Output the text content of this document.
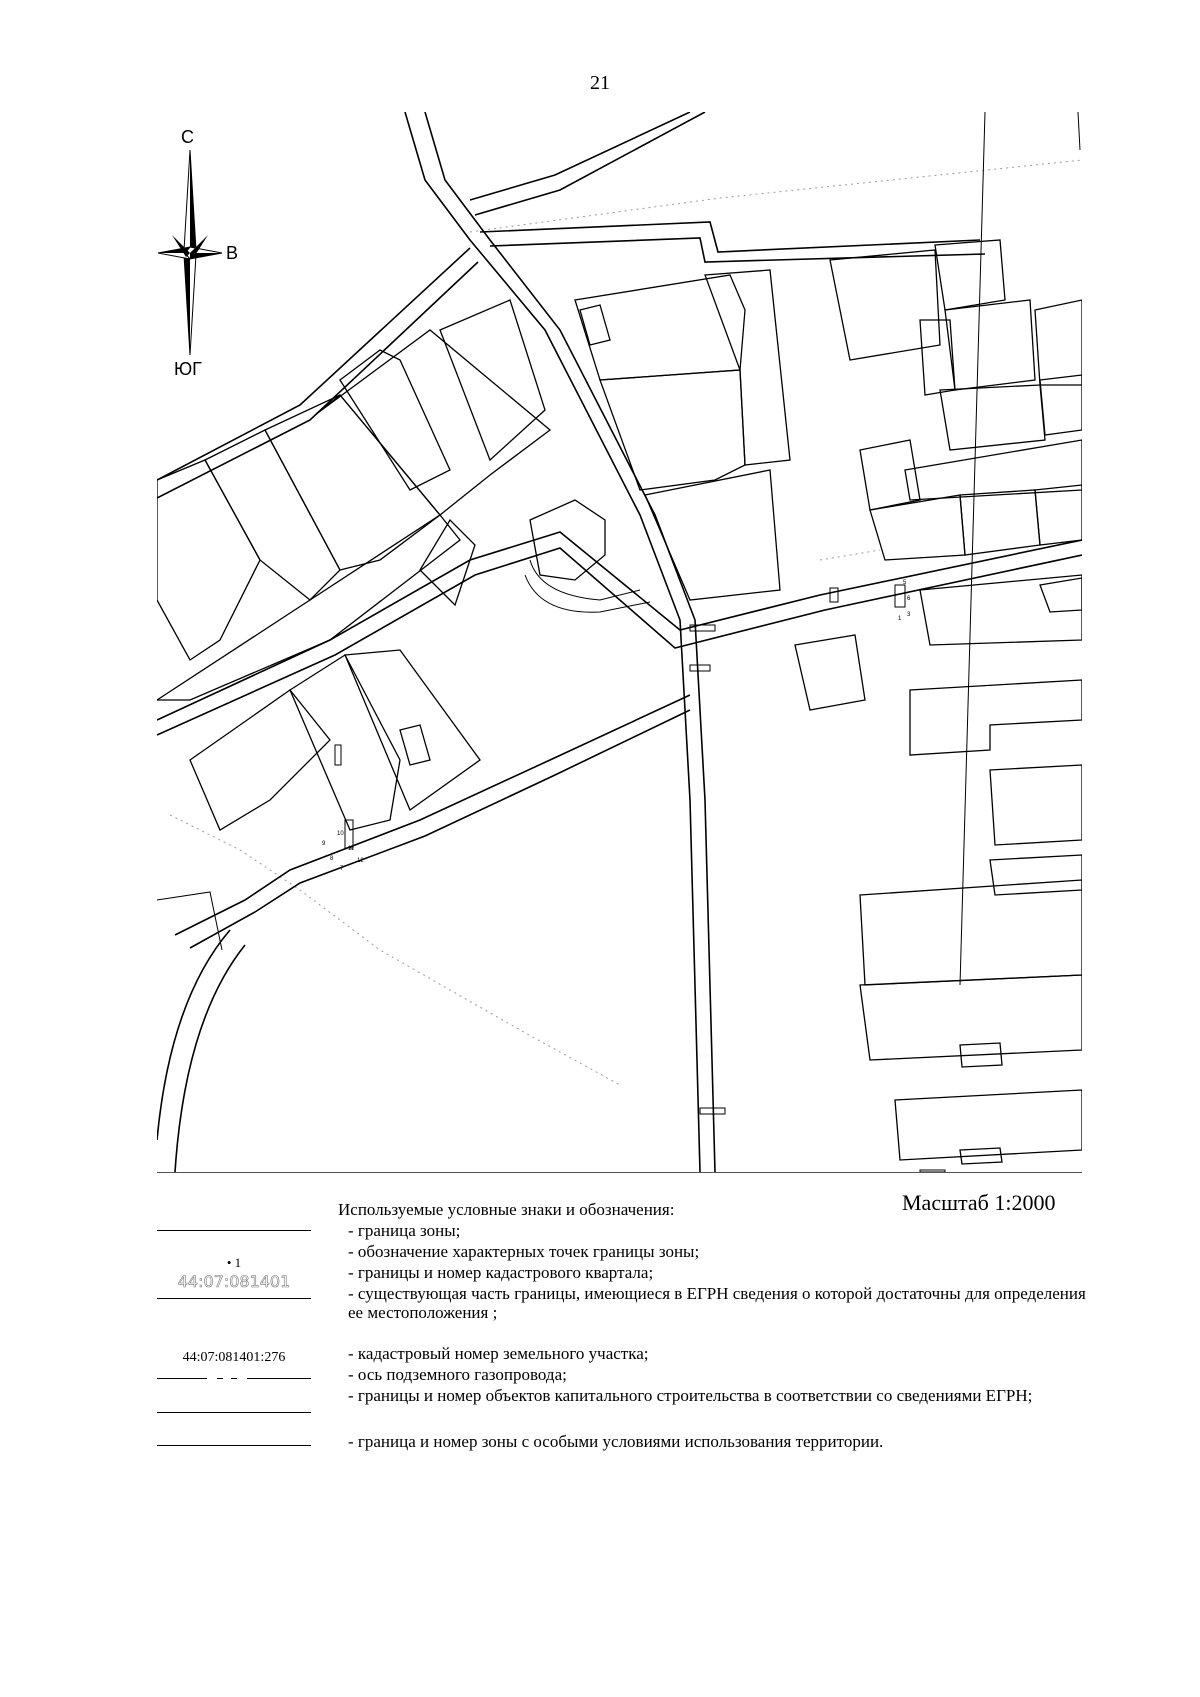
21
5
6
3
1
9
10
11
8	12
7
С
В
ЮГ
Масштаб 1:2000
Используемые условные знаки и обозначения:
• 1
44:07:081401
44:07:081401:276
- граница зоны;
- обозначение характерных точек границы зоны;
- границы и номер кадастрового квартала;
- существующая часть границы, имеющиеся в ЕГРН сведения о которой достаточны для определения ее местоположения ;
- кадастровый номер земельного участка;
- ось подземного газопровода;
- границы и номер объектов капитального строительства в соответствии со сведениями ЕГРН;
- граница и номер зоны с особыми условиями использования территории.
